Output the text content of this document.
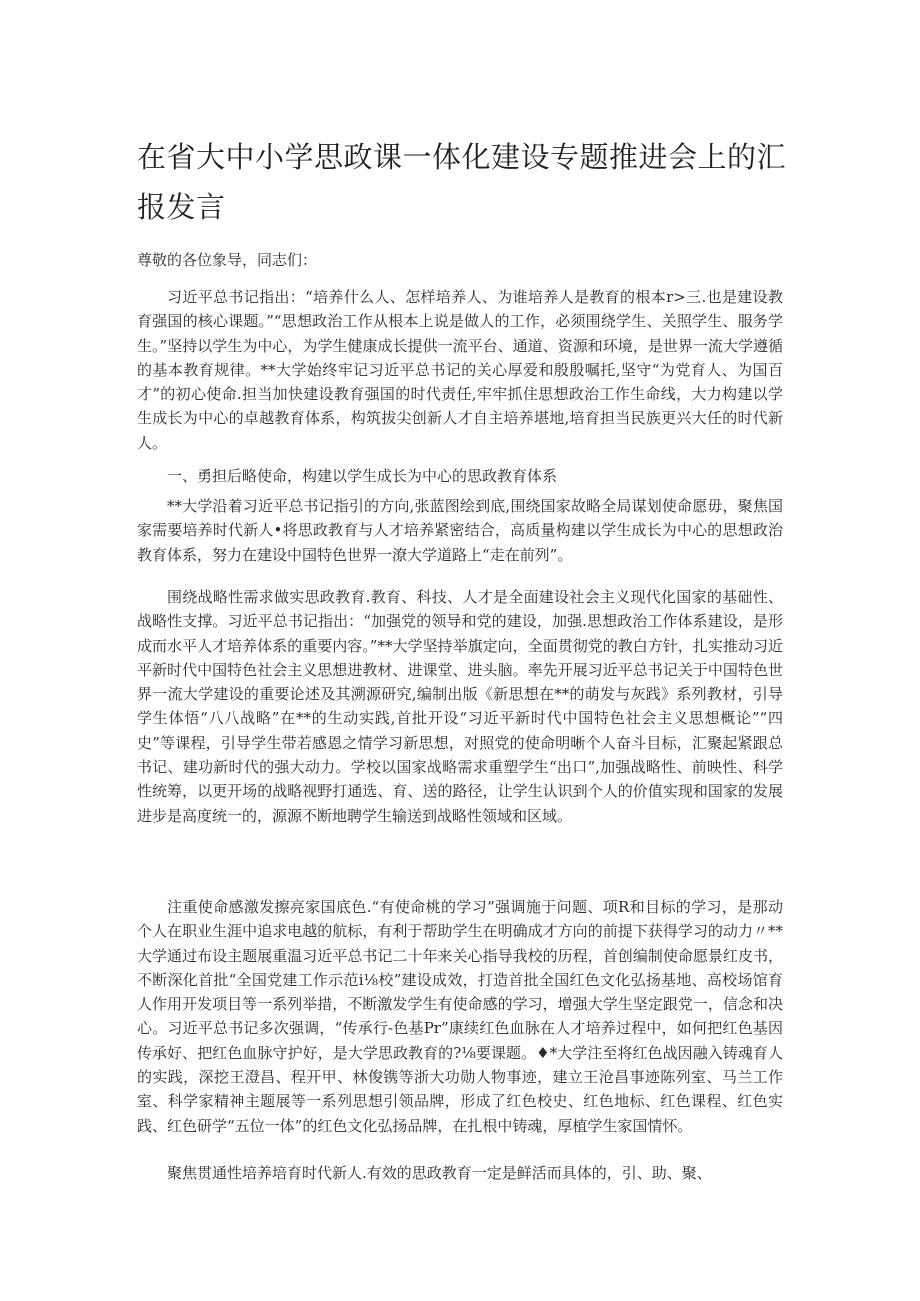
在省大中小学思政课一体化建设专题推进会上的汇
报发言

尊敬的各位象导，同志们：

习近平总书记指出：“培养什么人、怎样培养人、为谁培养人是教育的根本r>三.也是建设教育强国的核心课题。”“思想政治工作从根本上说是做人的工作，必须围绕学生、关照学生、服务学生。”坚持以学生为中心，为学生健康成长提供一流平台、通道、资源和环境，是世界一流大学遵循的基本教育规律。**大学始终牢记习近平总书记的关心厚爱和殷殷嘱托,坚守“为党育人、为国百才”的初心使命.担当加快建设教育强国的时代责任,牢牢抓住思想政治工作生命线，大力构建以学生成长为中心的卓越教育体系，构筑拔尖创新人才自主培养堪地,培育担当民族更兴大任的时代新人。

一、勇担后略使命，构建以学生成长为中心的思政教育体系

**大学沿着习近平总书记指引的方向,张蓝图绘到底,围绕国家故略全局谋划使命愿毋，聚焦国家需要培养时代新人•将思政教育与人才培养紧密结合，高质量构建以学生成长为中心的思想政治教育体系，努力在建设中国特色世界一潦大学道路上“走在前列”。

围绕战略性需求做实思政教育.教育、科技、人才是全面建设社会主义现代化国家的基础性、战略性支撑。习近平总书记指出：“加强党的领导和党的建设，加强.思想政治工作体系建设，是形成而水平人才培养体系的重要内容。”**大学坚持举旗定向，全面贯彻党的教白方针，扎实推动习近平新时代中国特色社会主义思想进教材、进课堂、进头脑。率先开展习近平总书记关于中国特色世界一流大学建设的重要论述及其溯源研究,编制出版《新思想在**的萌发与灰践》系列教材，引导学生体悟“八八战略”在**的生动实践,首批开设“习近平新时代中国特色社会主义思想概论”“四史”等课程，引导学生带若感恩之情学习新思想，对照党的使命明晰个人奋斗目标，汇聚起紧跟总书记、建功新时代的强大动力。学校以国家战略需求重塑学生“出口”,加强战略性、前映性、科学性统筹，以更开场的战略视野打通选、育、送的路径，让学生认识到个人的价值实现和国家的发展进步是高度统一的，源源不断地聘学生输送到战略性领域和区域。

注重使命感激发擦亮家国底色.“有使命桃的学习”强调施于问题、项R和目标的学习，是那动个人在职业生涯中追求电越的航标，有利于帮助学生在明确成才方向的前提下获得学习的动力〃**大学通过布设主题展重温习近平总书记二十年来关心指导我校的历程，首创编制使命愿景红皮书，不断深化首批“全国党建工作示范i⅛校”建设成效，打造首批全国红色文化弘扬基地、高校场馆育人作用开发项目等一系列举措，不断激发学生有使命感的学习，增强大学生坚定跟党一，信念和决心。习近平总书记多次强调，“传承行-色基Pr”康续红色血脉在人才培养过程中，如何把红色基因传承好、把红色血脉守护好，是大学思政教育的?⅛要课题。♦*大学注至将红色战因融入铸魂育人的实践，深挖王澄昌、程开甲、林俊镌等浙大功勋人物事迹，建立王沧昌事迹陈列室、马兰工作室、科学家精神主题展等一系列思想引领品牌，形成了红色校史、红色地标、红色课程、红色实践、红色研学“五位一体”的红色文化弘扬品牌，在扎根中铸魂，厚植学生家国情怀。

聚焦贯通性培养培育时代新人.有效的思政教育一定是鲜活而具体的，引、助、聚、
